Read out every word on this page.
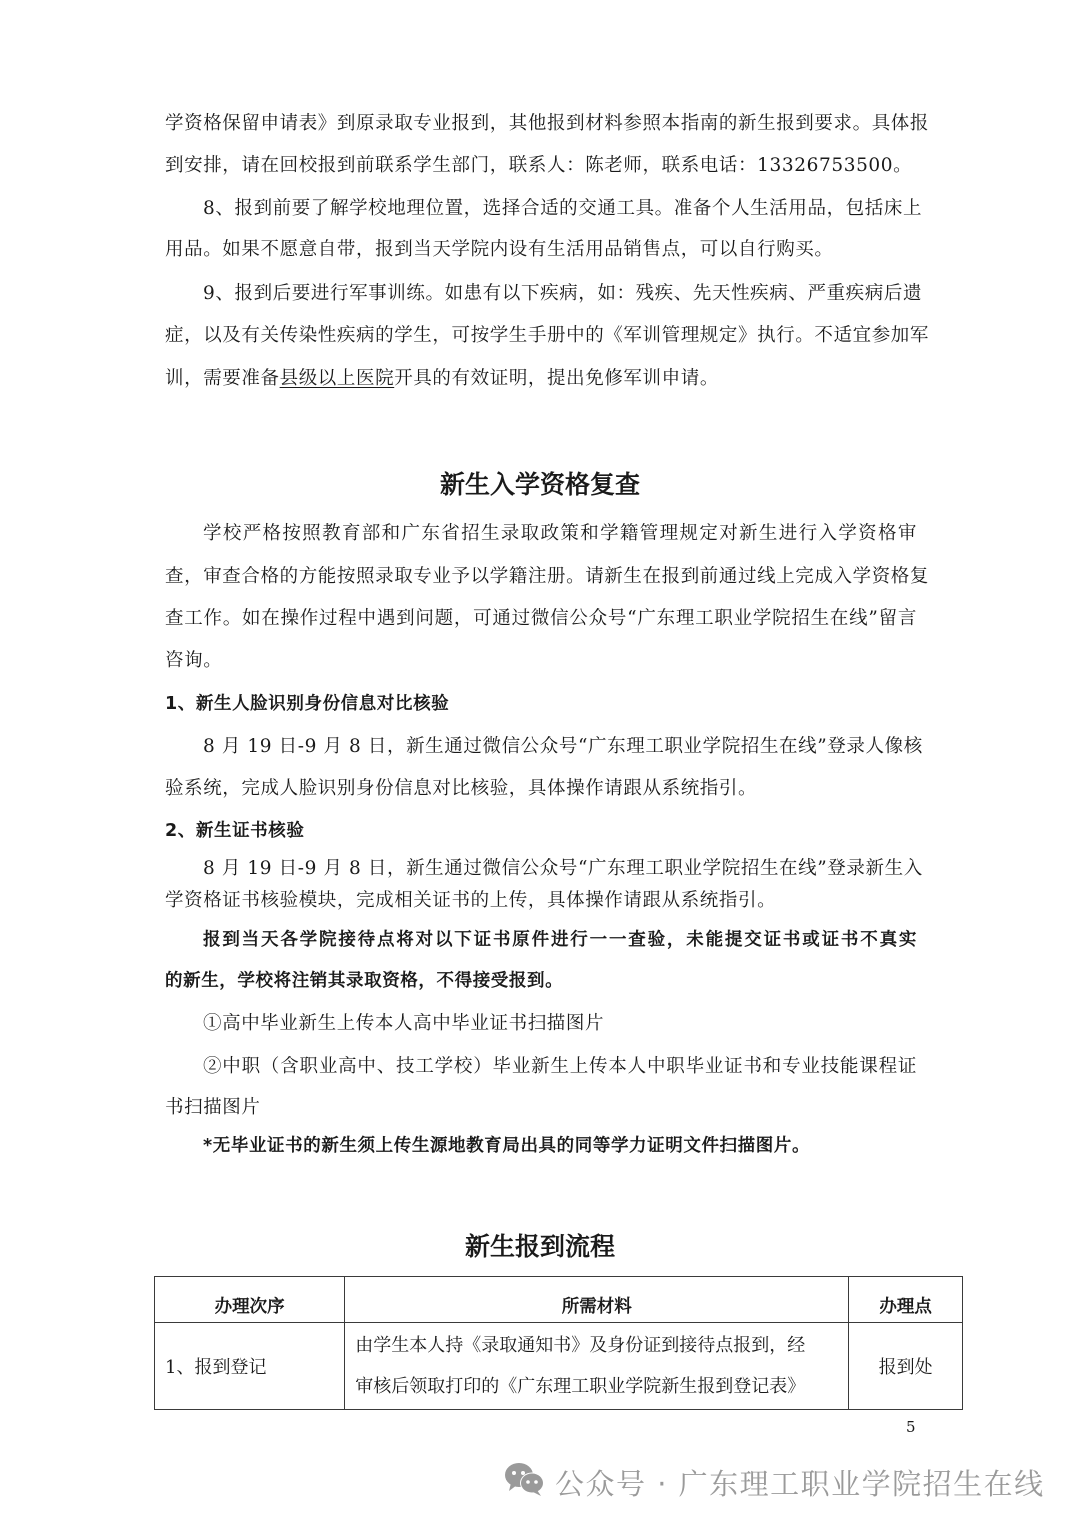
学资格保留申请表》到原录取专业报到，其他报到材料参照本指南的新生报到要求。具体报
到安排，请在回校报到前联系学生部门，联系人：陈老师，联系电话：13326753500。
8、报到前要了解学校地理位置，选择合适的交通工具。准备个人生活用品，包括床上
用品。如果不愿意自带，报到当天学院内设有生活用品销售点，可以自行购买。
9、报到后要进行军事训练。如患有以下疾病，如：残疾、先天性疾病、严重疾病后遗
症，以及有关传染性疾病的学生，可按学生手册中的《军训管理规定》执行。不适宜参加军
训，需要准备县级以上医院开具的有效证明，提出免修军训申请。
新生入学资格复查
学校严格按照教育部和广东省招生录取政策和学籍管理规定对新生进行入学资格审
查，审查合格的方能按照录取专业予以学籍注册。请新生在报到前通过线上完成入学资格复
查工作。如在操作过程中遇到问题，可通过微信公众号“广东理工职业学院招生在线”留言
咨询。
1、新生人脸识别身份信息对比核验
8 月 19 日-9 月 8 日，新生通过微信公众号“广东理工职业学院招生在线”登录人像核
验系统，完成人脸识别身份信息对比核验，具体操作请跟从系统指引。
2、新生证书核验
8 月 19 日-9 月 8 日，新生通过微信公众号“广东理工职业学院招生在线”登录新生入
学资格证书核验模块，完成相关证书的上传，具体操作请跟从系统指引。
报到当天各学院接待点将对以下证书原件进行一一查验，未能提交证书或证书不真实
的新生，学校将注销其录取资格，不得接受报到。
①高中毕业新生上传本人高中毕业证书扫描图片
②中职（含职业高中、技工学校）毕业新生上传本人中职毕业证书和专业技能课程证
书扫描图片
*无毕业证书的新生须上传生源地教育局出具的同等学力证明文件扫描图片。
新生报到流程
办理次序	所需材料	办理点
1、报到登记	由学生本人持《录取通知书》及身份证到接待点报到，经
审核后领取打印的《广东理工职业学院新生报到登记表》	报到处
5
公众号 · 广东理工职业学院招生在线
